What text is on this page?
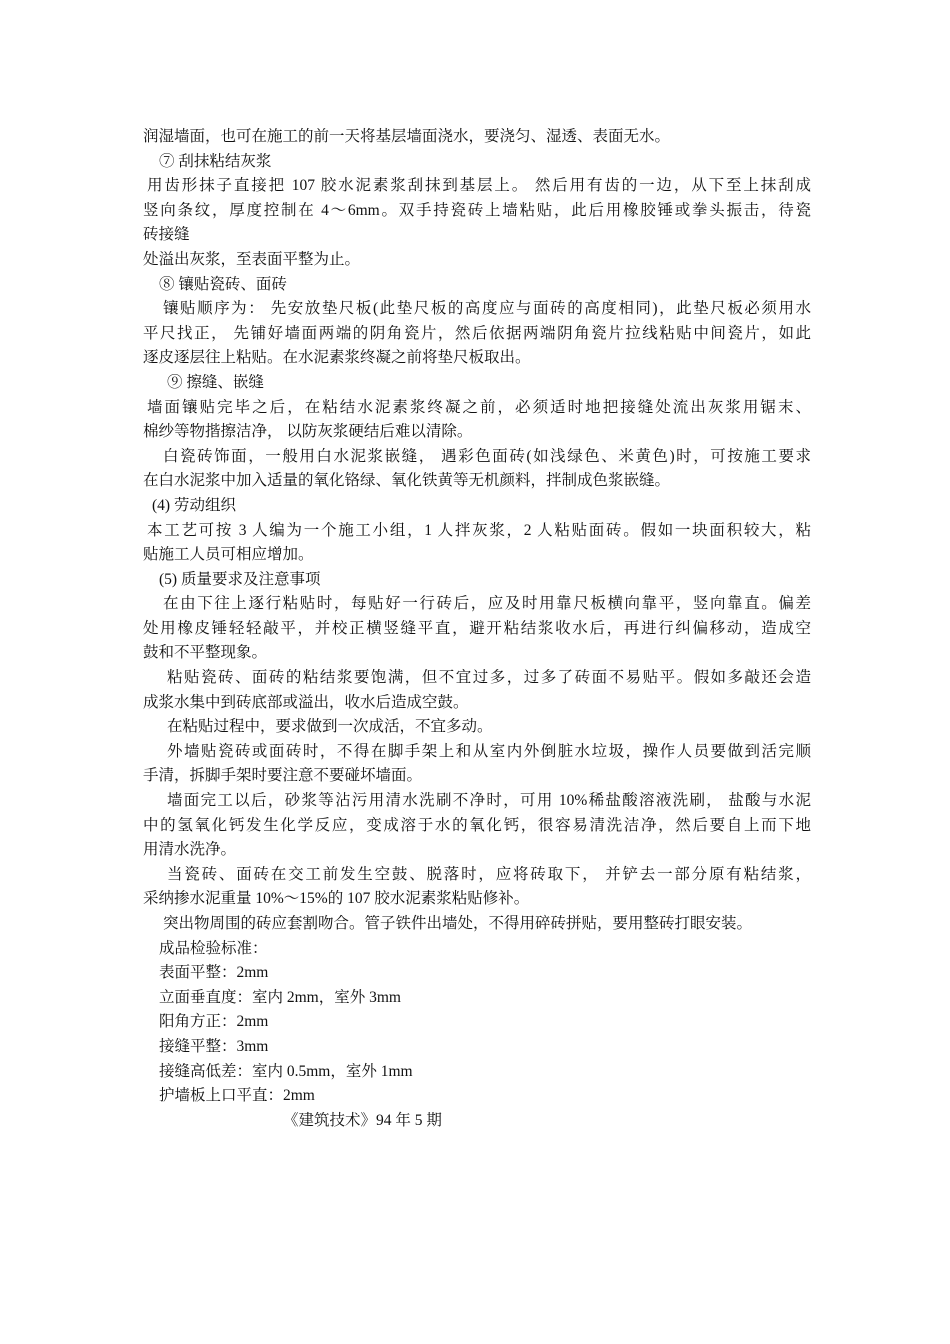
润湿墙面，也可在施工的前一天将基层墙面浇水，要浇匀、湿透、表面无水。
⑦ 刮抹粘结灰浆
用齿形抹子直接把 107 胶水泥素浆刮抹到基层上。 然后用有齿的一边，从下至上抹刮成
竖向条纹，厚度控制在 4～6mm。双手持瓷砖上墙粘贴，此后用橡胶锤或拳头振击，待瓷
砖接缝
处溢出灰浆，至表面平整为止。
⑧ 镶贴瓷砖、面砖
镶贴顺序为： 先安放垫尺板(此垫尺板的高度应与面砖的高度相同)，此垫尺板必须用水
平尺找正， 先铺好墙面两端的阴角瓷片，然后依据两端阴角瓷片拉线粘贴中间瓷片，如此
逐皮逐层往上粘贴。在水泥素浆终凝之前将垫尺板取出。
⑨ 擦缝、嵌缝
墙面镶贴完毕之后，在粘结水泥素浆终凝之前，必须适时地把接缝处流出灰浆用锯末、
棉纱等物揩擦洁净， 以防灰浆硬结后难以清除。
白瓷砖饰面，一般用白水泥浆嵌缝， 遇彩色面砖(如浅绿色、米黄色)时，可按施工要求
在白水泥浆中加入适量的氧化铬绿、氧化铁黄等无机颜料，拌制成色浆嵌缝。
(4) 劳动组织
本工艺可按 3 人编为一个施工小组，1 人拌灰浆，2 人粘贴面砖。假如一块面积较大，粘
贴施工人员可相应增加。
(5) 质量要求及注意事项
在由下往上逐行粘贴时，每贴好一行砖后，应及时用靠尺板横向靠平，竖向靠直。偏差
处用橡皮锤轻轻敲平，并校正横竖缝平直，避开粘结浆收水后，再进行纠偏移动，造成空
鼓和不平整现象。
粘贴瓷砖、面砖的粘结浆要饱满，但不宜过多，过多了砖面不易贴平。假如多敲还会造
成浆水集中到砖底部或溢出，收水后造成空鼓。
在粘贴过程中，要求做到一次成活，不宜多动。
外墙贴瓷砖或面砖时，不得在脚手架上和从室内外倒脏水垃圾，操作人员要做到活完顺
手清，拆脚手架时要注意不要碰坏墙面。
墙面完工以后，砂浆等沾污用清水洗刷不净时，可用 10%稀盐酸溶液洗刷， 盐酸与水泥
中的氢氧化钙发生化学反应，变成溶于水的氧化钙，很容易清洗洁净，然后要自上而下地
用清水洗净。
当瓷砖、面砖在交工前发生空鼓、脱落时，应将砖取下， 并铲去一部分原有粘结浆，
采纳掺水泥重量 10%～15%的 107 胶水泥素浆粘贴修补。
突出物周围的砖应套割吻合。管子铁件出墙处，不得用碎砖拼贴，要用整砖打眼安装。
成品检验标准：
表面平整：2mm
立面垂直度：室内 2mm，室外 3mm
阳角方正：2mm
接缝平整：3mm
接缝高低差：室内 0.5mm，室外 1mm
护墙板上口平直：2mm
《建筑技术》94 年 5 期
